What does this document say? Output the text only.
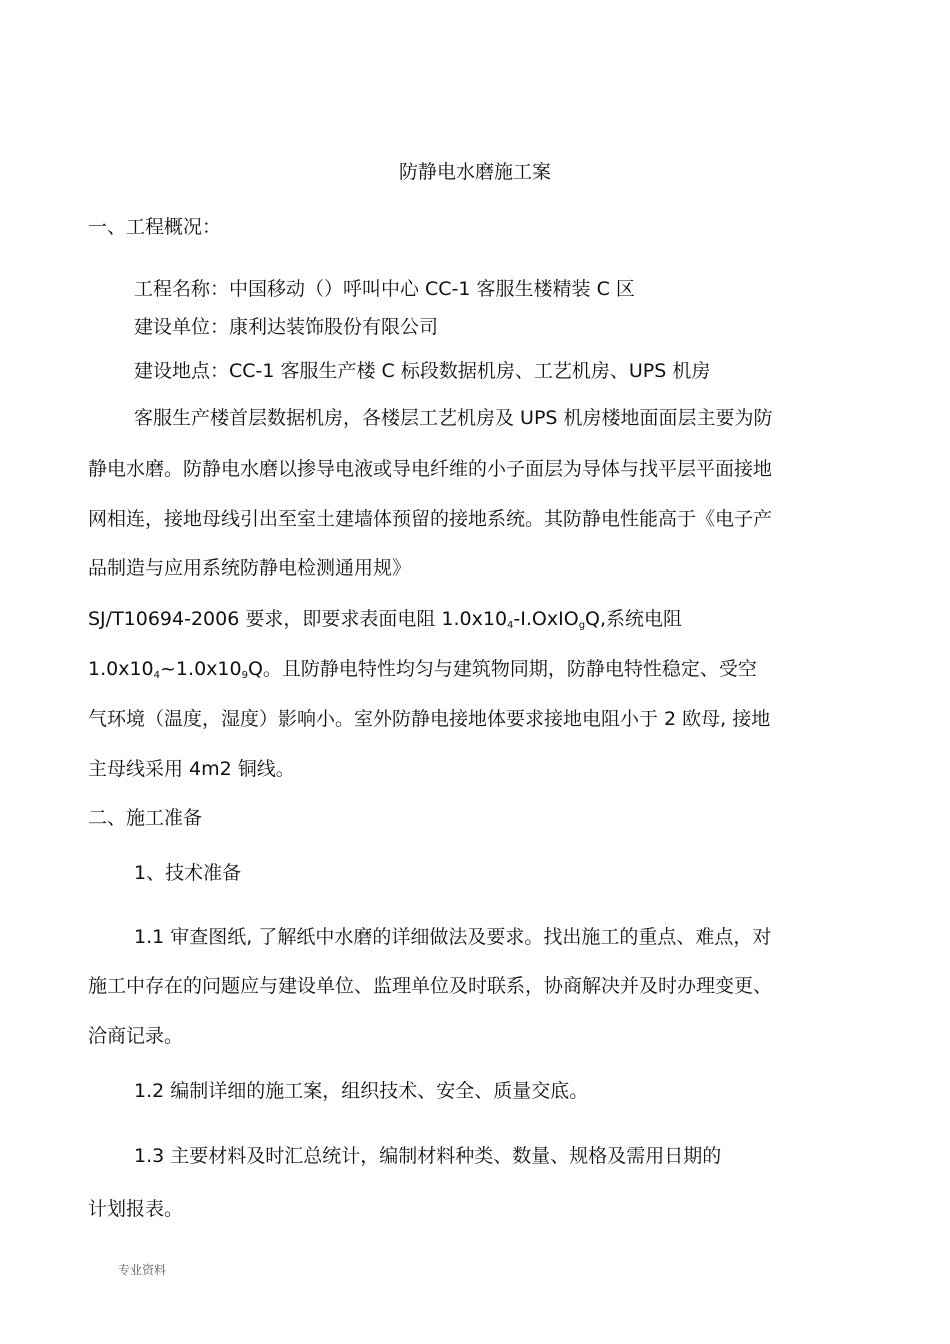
防静电水磨施工案
一、工程概况：
工程名称：中国移动（）呼叫中心 CC-1 客服生楼精装 C 区
建设单位：康利达装饰股份有限公司
建设地点：CC-1 客服生产楼 C 标段数据机房、工艺机房、UPS 机房
客服生产楼首层数据机房，各楼层工艺机房及 UPS 机房楼地面面层主要为防
静电水磨。防静电水磨以掺导电液或导电纤维的小子面层为导体与找平层平面接地
网相连，接地母线引出至室土建墙体预留的接地系统。其防静电性能高于《电子产
品制造与应用系统防静电检测通用规》
SJ/T10694-2006 要求，即要求表面电阻 $1.0x10_4-I.OxIO_gQ$,系统电阻
$1.0x10_4\sim 1.0x10_9Q$。且防静电特性均匀与建筑物同期，防静电特性稳定、受空
气环境（温度，湿度）影响小。室外防静电接地体要求接地电阻小于 2 欧母, 接地
主母线采用 4m2 铜线。
二、施工准备
1、技术准备
1.1 审查图纸, 了解纸中水磨的详细做法及要求。找出施工的重点、难点，对
施工中存在的问题应与建设单位、监理单位及时联系，协商解决并及时办理变更、
洽商记录。
1.2 编制详细的施工案，组织技术、安全、质量交底。
1.3 主要材料及时汇总统计，编制材料种类、数量、规格及需用日期的
计划报表。
专业资料
